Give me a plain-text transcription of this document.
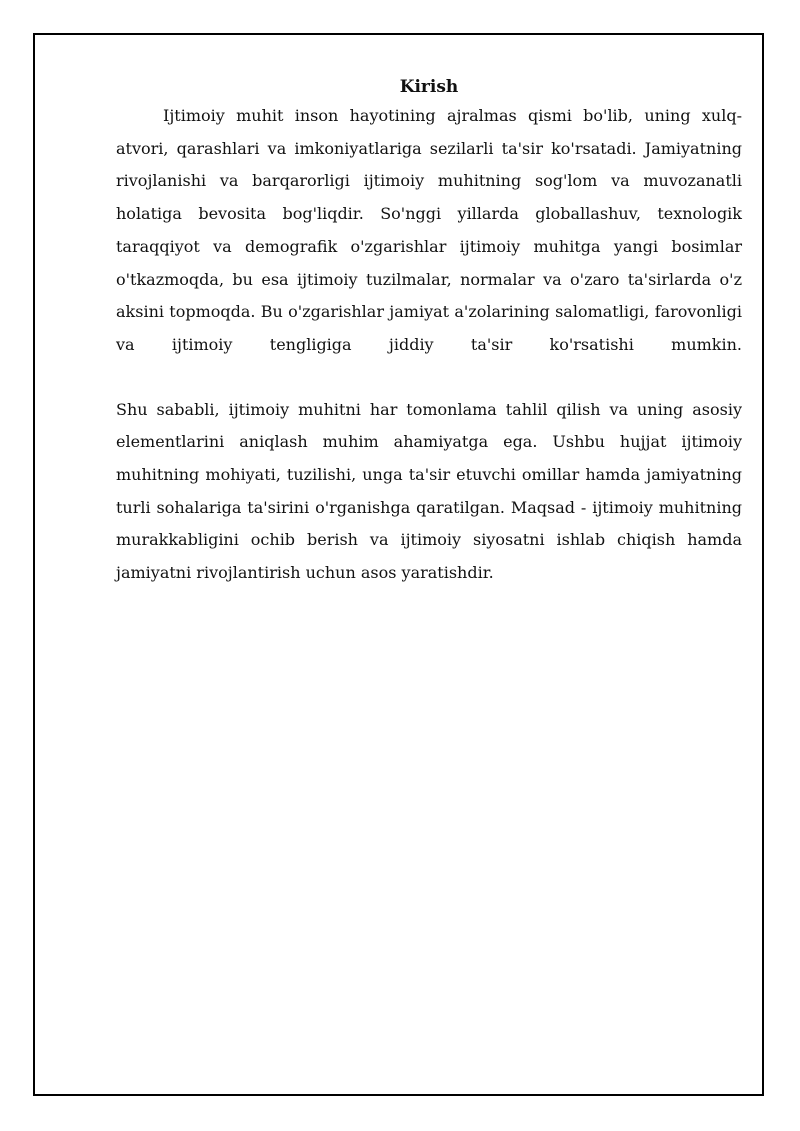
Kirish

Ijtimoiy muhit inson hayotining ajralmas qismi bo'lib, uning xulq-atvori, qarashlari va imkoniyatlariga sezilarli ta'sir ko'rsatadi. Jamiyatning rivojlanishi va barqarorligi ijtimoiy muhitning sog'lom va muvozanatli holatiga bevosita bog'liqdir. So'nggi yillarda globallashuv, texnologik taraqqiyot va demografik o'zgarishlar ijtimoiy muhitga yangi bosimlar o'tkazmoqda, bu esa ijtimoiy tuzilmalar, normalar va o'zaro ta'sirlarda o'z aksini topmoqda. Bu o'zgarishlar jamiyat a'zolarining salomatligi, farovonligi va ijtimoiy tengligiga jiddiy ta'sir ko'rsatishi mumkin.

Shu sababli, ijtimoiy muhitni har tomonlama tahlil qilish va uning asosiy elementlarini aniqlash muhim ahamiyatga ega. Ushbu hujjat ijtimoiy muhitning mohiyati, tuzilishi, unga ta'sir etuvchi omillar hamda jamiyatning turli sohalariga ta'sirini o'rganishga qaratilgan. Maqsad - ijtimoiy muhitning murakkabligini ochib berish va ijtimoiy siyosatni ishlab chiqish hamda jamiyatni rivojlantirish uchun asos yaratishdir.
